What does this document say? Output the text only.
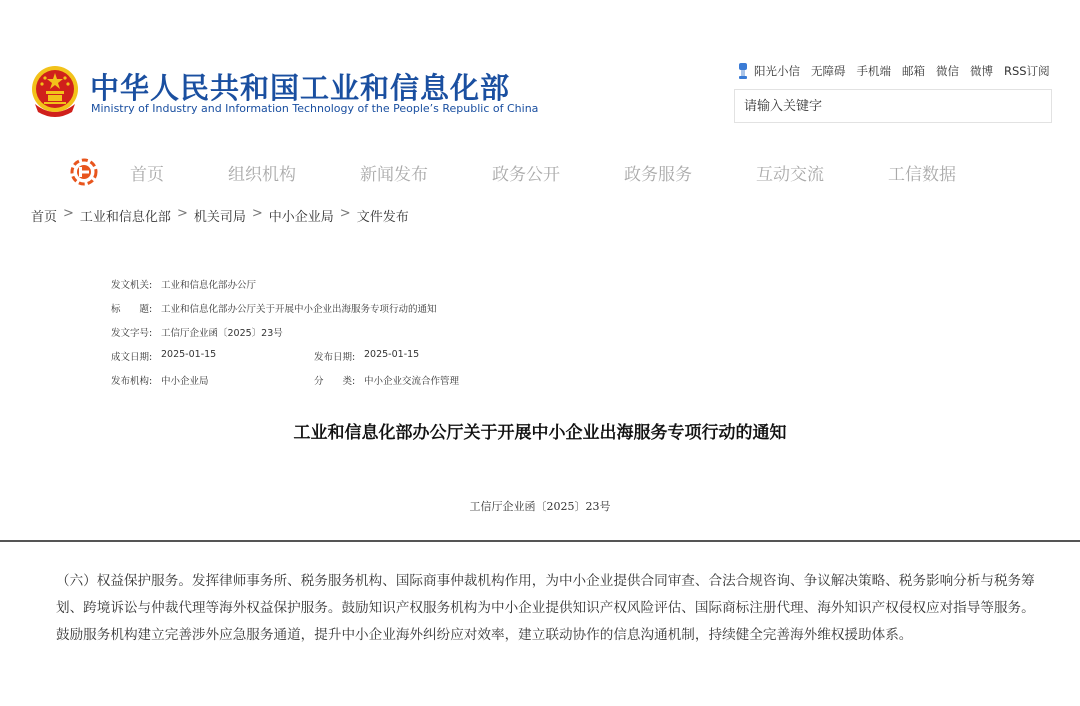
中华人民共和国工业和信息化部
Ministry of Industry and Information Technology of the People’s Republic of China
阳光小信 无障碍 手机端 邮箱 微信 微博 RSS订阅
请输入关键字
首页	组织机构	新闻发布	政务公开	政务服务	互动交流	工信数据
首页 > 工业和信息化部 > 机关司局 > 中小企业局 > 文件发布
发文机关: 工业和信息化部办公厅
标　　题: 工业和信息化部办公厅关于开展中小企业出海服务专项行动的通知
发文字号: 工信厅企业函〔2025〕23号
成文日期: 2025-01-15	发布日期: 2025-01-15
发布机构: 中小企业局	分　　类: 中小企业交流合作管理
工业和信息化部办公厅关于开展中小企业出海服务专项行动的通知
工信厅企业函〔2025〕23号

（六）权益保护服务。发挥律师事务所、税务服务机构、国际商事仲裁机构作用，为中小企业提供合同审查、合法合规咨询、争议解决策略、税务影响分析与税务筹划、跨境诉讼与仲裁代理等海外权益保护服务。鼓励知识产权服务机构为中小企业提供知识产权风险评估、国际商标注册代理、海外知识产权侵权应对指导等服务。鼓励服务机构建立完善涉外应急服务通道，提升中小企业海外纠纷应对效率，建立联动协作的信息沟通机制，持续健全完善海外维权援助体系。
